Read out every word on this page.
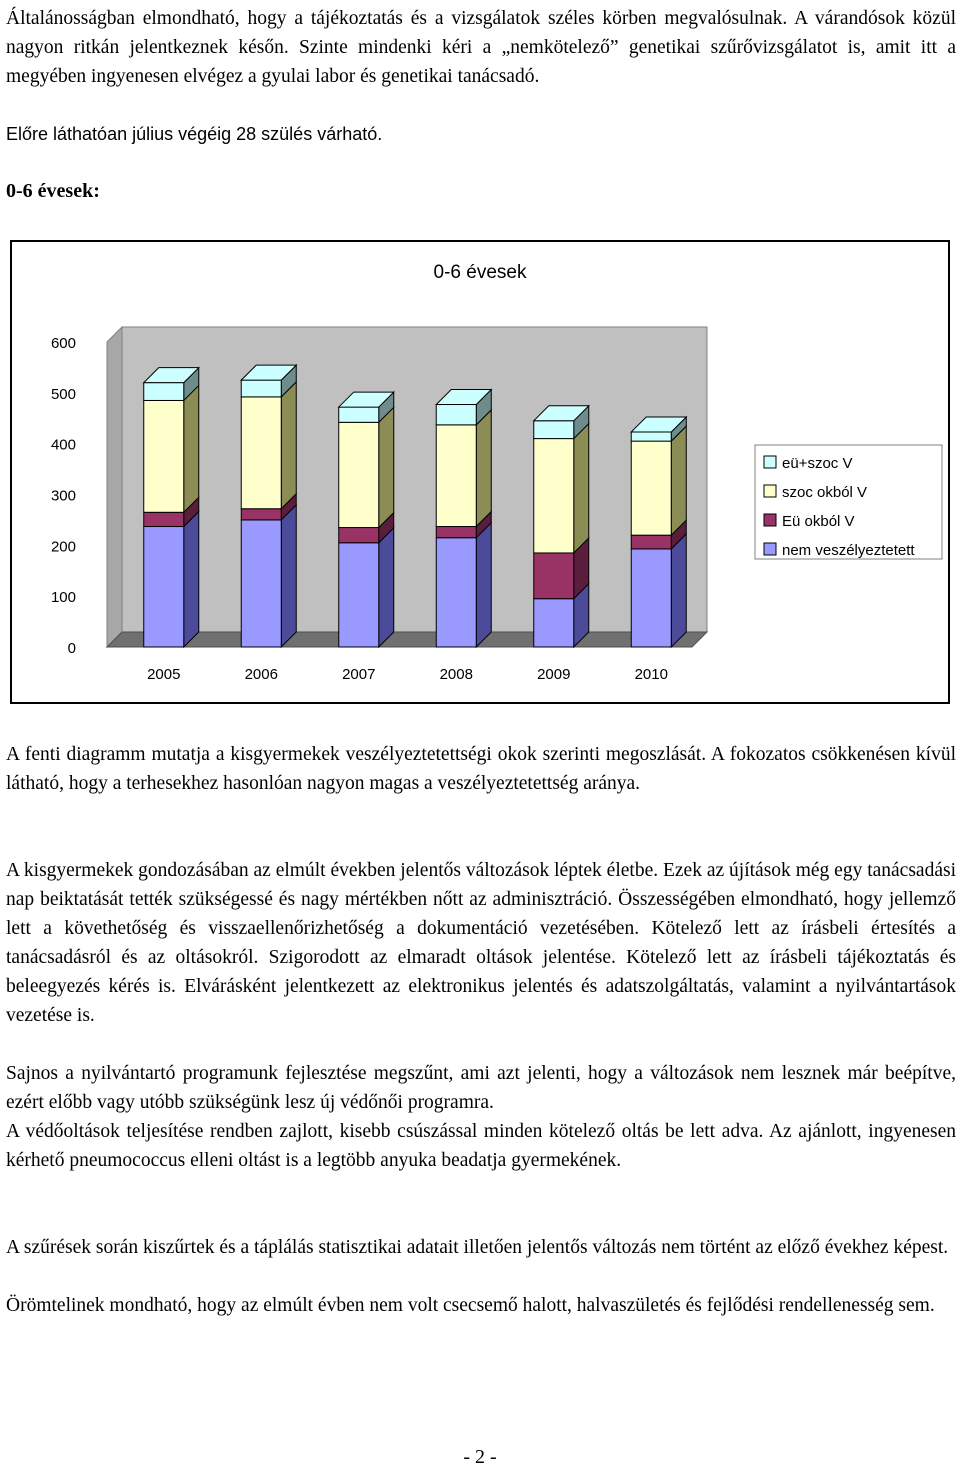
Általánosságban elmondható, hogy a tájékoztatás és a vizsgálatok széles körben megvalósulnak. A várandósok közül nagyon ritkán jelentkeznek későn. Szinte mindenki kéri a „nemkötelező” genetikai szűrővizsgálatot is, amit itt a megyében ingyenesen elvégez a gyulai labor és genetikai tanácsadó.

Előre láthatóan július végéig 28 szülés várható.

0-6 évesek:

0-6 évesek
0
100
200
300
400
500
600
2005	2006	2007	2008	2009	2010
eü+szoc V
szoc okból V
Eü okból V
nem veszélyeztetett

A fenti diagramm mutatja a kisgyermekek veszélyeztetettségi okok szerinti megoszlását. A fokozatos csökkenésen kívül látható, hogy a terhesekhez hasonlóan nagyon magas a veszélyeztetettség aránya.

A kisgyermekek gondozásában az elmúlt években jelentős változások léptek életbe. Ezek az újítások még egy tanácsadási nap beiktatását tették szükségessé és nagy mértékben nőtt az adminisztráció. Összességében elmondható, hogy jellemző lett a követhetőség és visszaellenőrizhetőség a dokumentáció vezetésében. Kötelező lett az írásbeli értesítés a tanácsadásról és az oltásokról. Szigorodott az elmaradt oltások jelentése. Kötelező lett az írásbeli tájékoztatás és beleegyezés kérés is. Elvárásként jelentkezett az elektronikus jelentés és adatszolgáltatás, valamint a nyilvántartások vezetése is.

Sajnos a nyilvántartó programunk fejlesztése megszűnt, ami azt jelenti, hogy a változások nem lesznek már beépítve, ezért előbb vagy utóbb szükségünk lesz új védőnői programra.

A védőoltások teljesítése rendben zajlott, kisebb csúszással minden kötelező oltás be lett adva. Az ajánlott, ingyenesen kérhető pneumococcus elleni oltást is a legtöbb anyuka beadatja gyermekének.

A szűrések során kiszűrtek és a táplálás statisztikai adatait illetően jelentős változás nem történt az előző évekhez képest.

Örömtelinek mondható, hogy az elmúlt évben nem volt csecsemő halott, halvaszületés és fejlődési rendellenesség sem.

- 2 -
